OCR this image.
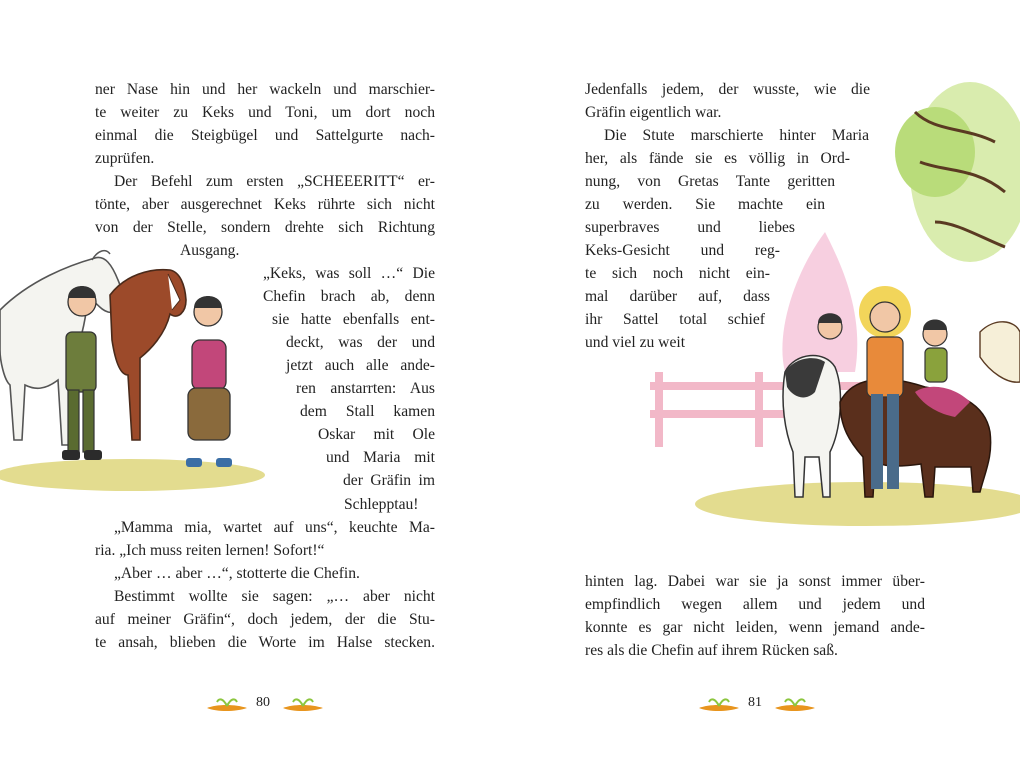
ner Nase hin und her wackeln und marschier-
te weiter zu Keks und Toni, um dort noch
einmal die Steigbügel und Sattelgurte nach-
zuprüfen.
Der Befehl zum ersten „SCHEEERITT“ er-
tönte, aber ausgerechnet Keks rührte sich nicht
von der Stelle, sondern drehte sich Richtung
Ausgang.
„Keks, was soll …“ Die
Chefin brach ab, denn
sie hatte ebenfalls ent-
deckt, was der und
jetzt auch alle ande-
ren anstarrten: Aus
dem Stall kamen
Oskar mit Ole
und Maria mit
der Gräfin im
Schlepptau!
„Mamma mia, wartet auf uns“, keuchte Ma-
ria. „Ich muss reiten lernen! Sofort!“
„Aber … aber …“, stotterte die Chefin.
Bestimmt wollte sie sagen: „… aber nicht
auf meiner Gräfin“, doch jedem, der die Stu-
te ansah, blieben die Worte im Halse stecken.
80
Jedenfalls jedem, der wusste, wie die
Gräfin eigentlich war.
Die Stute marschierte hinter Maria
her, als fände sie es völlig in Ord-
nung, von Gretas Tante geritten
zu werden. Sie machte ein
superbraves und liebes
Keks-Gesicht und reg-
te sich noch nicht ein-
mal darüber auf, dass
ihr Sattel total schief
und viel zu weit
hinten lag. Dabei war sie ja sonst immer über-
empfindlich wegen allem und jedem und
konnte es gar nicht leiden, wenn jemand ande-
res als die Chefin auf ihrem Rücken saß.
81
